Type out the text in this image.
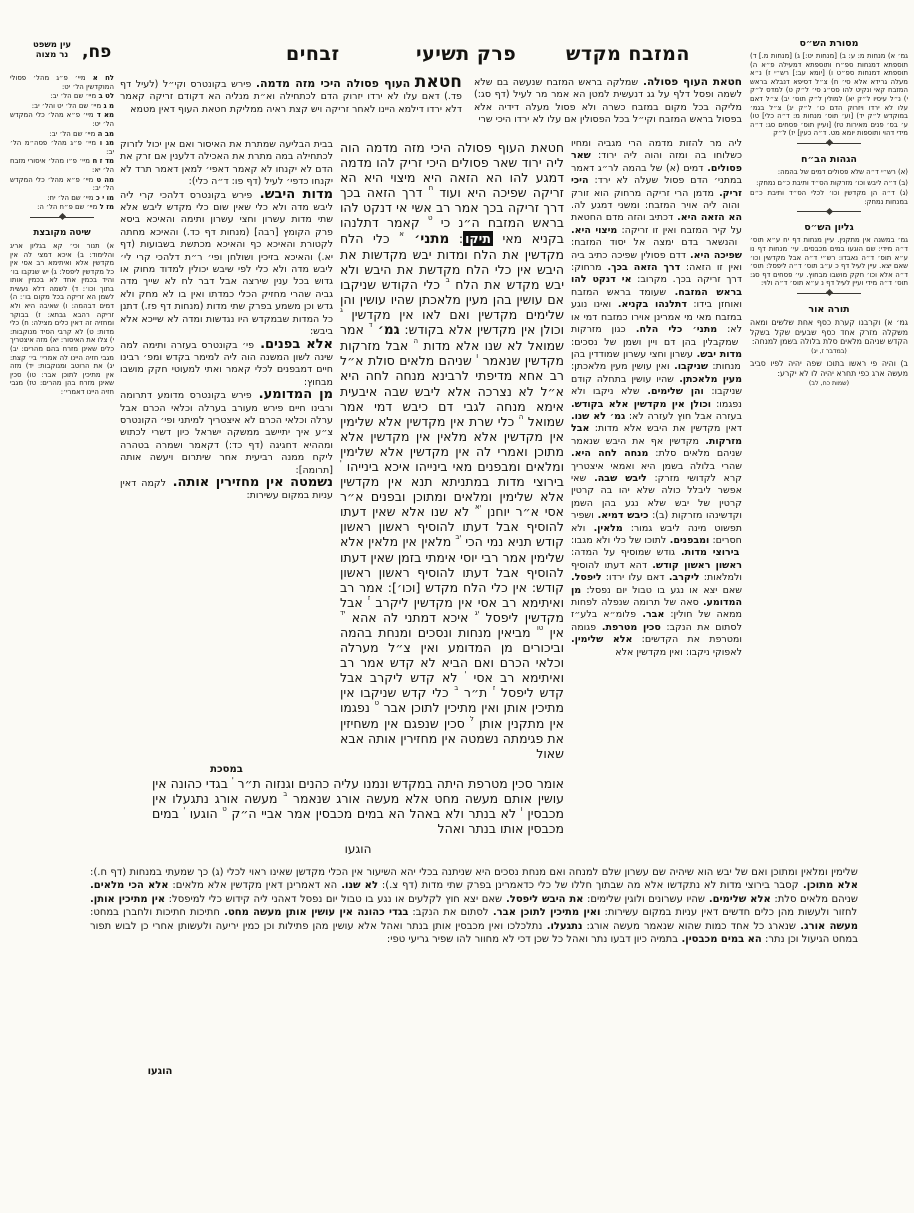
עין משפט
נר מצוה פח,	זבחים	פרק תשיעי	המזבח מקדש	מסורת הש״ס
גמ׳ א) מנחות מ: ע: ב) [מנחות יט:] ג) [מנחות מ.] ד) תוספתא דמנחות ספ״ח ותוספתא דמעילה פ״א ה) תוספתא דמנחות ספ״ט ו) [יומא עב:] רש״י ז) נ״א מעלה גרידא אלא סי׳ ח) צ״ל דסיפא דנבלא בראש המזבח קאי ונקיט להו סס״ג סי׳ ל״ק ט) למדס ל״ק י) נ״ל עיסיו ל״ק יא) למולין ל״ק תוס׳ יב) צ״ל דאם עלו לא ירדו ויזרוק הדם כו׳ ל״ק יג) צ״ל בגמ׳ במוקדש ל״ק יד) [וע׳ תוס׳ מנחות מ: ד״ה כלי] טו) ע׳ בס׳ פנים מאירות טז) [ועיין תוס׳ פסחים סג: ד״ה מידי דהוי ותוספות יומא מט. ד״ה כעין] יז) ל״ק
הגהות הב״ח
(א) רש״י ד״ה שלא פסולים דמים של בהמה:
(ב) ד״ה ליבש וכו׳ מזרקות הס״ד ותיבת כ״ם נמחק:
(ג) ד״ה הן מקדשין וכו׳ לכלי הס״ד ותיבת כ״ם במנחות נמחק:
גליון הש״ס
גמ׳ במשנה אין מתקנין. עיין מנחות דף יח ע״א תוס׳ ד״ה מידי: שם הוגעו במים מכבסים. עי׳ מנחות דף נו ע״א תוס׳ ד״ה נאבדו: רש״י ד״ה אבל מקדשין וכו׳ שאם יצא. עיין לעיל דף כ ע״ב תוס׳ ד״ה ליפסל: תוס׳ ד״ה אלא וכו׳ חקק מושבו מבחוץ. עי׳ פסחים דף סג: תוס׳ ד״ה מידי ועיין לעיל דף נ ע״א תוס׳ ד״ה ולוי:
תורה אור
גמ׳ א) וקרבנו קערת כסף אחת שלשים ומאה משקלה מזרק אחד כסף שבעים שקל בשקל הקדש שניהם מלאים סלת בלולה בשמן למנחה:
(במדבר ז, יג)
ב) והיה פי ראשו בתוכו שפה יהיה לפיו סביב מעשה ארג כפי תחרא יהיה לו לא יקרע:
(שמות כח, לב)
לח אמיי׳ פ״ג מהל׳ פסולי המוקדשין הל׳ יט:
לט במיי׳ שם הל׳ יב:
מ גמיי׳ שם הל׳ יט והל׳ יב:
מא דמיי׳ פ״א מהל׳ כלי המקדש הל׳ יט:
מב המיי׳ שם הל׳ יב:
מג ומיי׳ פ״ג מהל׳ פסה״מ הל׳ יב:
מד ז חמיי׳ פ״ו מהל׳ איסורי מזבח הל׳ יא:
מה טמיי׳ פ״א מהל׳ כלי המקדש הל׳ יב:
מו י כמיי׳ שם הל׳ יח:
מז למיי׳ שם פ״ח הל׳ ה:
שיטה מקובצת
א) תנור וכי׳ קא בגליון אריג והלימוד: ב) איכא דמצי לה אין מקדשין אלא ואיתימא רב אסי אין כל מקדשין ליפסל: ג) יש שנקבו בו׳ והיד בכמין אחד לא בכמין אותו בתוך וכו׳: ד) לשמה דלא נעשית לשמן הא זריקה בכל מקום בו׳: ה) דמים דבהמה: ו) שאיבה היא ולא זריקה רהבא גבתא: ז) בבוקר ומחזיה זה דאין כלים מצילה: ח) כלי מדות: ט) לא קרבי הסיד מנוקבות: י) צלו את האיסור: יא) מזה איצטריך כלים שאינן מזרח בהם מהרים: יב) מגבי חזיה היינו לה אמרי׳ בי׳ קצת: יג) את הרוטב ומנוקבות: יד) מזה אין מתיכין לתוכן אבר: טו) סכין שאינן מזרח בהן מהרים: טז) מגבי חזיה היינו דאמרי׳:
חטאת העוף פסולה היכי מזה מדמה. פירש בקונטרס וקי״ל (לעיל דף פד.) דאם עלו לא ירדו יזרוק הדם לכתחילה וא״ת מנליה הא דקודם זריקה קאמר דלא ירדו דילמא היינו לאחר זריקה ויש קצת ראיה ממליקת חטאת העוף דאין מטמא
בבית הבליעה שמתרת את האיסור ואם אין יכול לזרוק לכתחילה במה מתרת את האכילה דלענין אם זרק את הדם לא יקנחו לא קאמר דאפי׳ למאן דאמר תרד לא יקנחו כדפי׳ לעיל (דף פו: ד״ה כלי):
מדות היבש.פירש בקונטרס דלהכי קרי ליה ליבש מדה ולא כלי שאין שום כלי מקדש ליבש אלא שתי מדות עשרון וחצי עשרון ותימה והאיכא ביסא פרק הקומץ [רבה] (מנחות דף כד.) והאיכא מחתה לקטורת והאיכא כף והאיכא מכתשת בשבועות (דף יא.) והאיכא בזיכין ושולחן ופי׳ ר״ת דלהכי קרי לי׳ ליבש מדה ולא כלי לפי שיבש יכולין למדוד מחוק או גדוש בכל ענין שירצה אבל דבר לח לא שייך מדה גביה שהרי מחזיק הכלי כמדתו ואין בו לא מחק ולא גדש וכן משמע בפרק שתי מדות (מנחות דף פז.) דתנן כל המדות שבמקדש היו נגדשות ומדה לא שייכא אלא ביבש:
אלא בפנים.פי׳ בקונטרס בעזרה ותימה למה שינה לשון המשנה הוה ליה למימר בקדש ומפ׳ רבינו חיים דמבפנים לכלי קאמר ואתי למעוטי חקק מושבו מבחוץ:
מן המדומע.פירש בקונטרס מדומע דתרומה ורבינו חיים פירש מעורב בערלה וכלאי הכרם אבל ערלה וכלאי הכרם לא איצטריך למיתני ופי׳ הקונטרס צ״ע איך יתיישב ממשקה ישראל כיון דשרי לכתוש ומההיא דחגיגה (דף כד:) דקאמר ושמרה בטהרה ליקח ממנה רביעית אחר שיתרום ויעשה אותה [תרומה]:
נשמטה אין מחזירין אותה.לקמה דאין עניות במקום עשירות:
במסכת
חטאת העוף פסולה.שמלקה בראש המזבח שנעשה בם שלא לשמה ופסל דלף על גג דנעשית למטן הא אמר מר לעיל (דף סג:) מליקה בכל מקום במזבח כשרה ולא פסול מעלה דידיה אלא בפסול בראש המזבח וקי״ל בכל הפסולין אם עלו לא ירדו היכי שרי
ליה מר להזות מדמה הרי מגביה ומחיו כשלוחו בה ומזה והוה ליה ירוד: שאר פסולים.דמים (א) של בהמה לר״ג דאמר במתני׳ הדם פסול שעלה לא ירד: היכי זריק.מדמן הרי זריקה מרחוק הוא זורק והוה ליה אויר המזבח: ומשני דמגע לה. הא הזאה היא.דכתיב והזה מדם החטאת על קיר המזבח ואין זו זריקה: מיצוי היא.והנשאר בדם ימצה אל יסוד המזבח: שפיכה היא.דדם פסולין שפיכה כתיב ביה ואין זו הזאה: דרך הזאה בכך.מרחוק: דרך זריקה בכך. מקרוב: אי דנקט להו בראש המזבח.שעומד בראש המזבח ואוחזן בידו: דתלנהו בקניא.ואינו נוגע במזבח מאי מי אמרינן אוירו כמזבח דמי או לא: מתני׳ כלי הלח.כגון מזרקות שמקבלין בהן דם ויין ושמן של נסכים: מדות יבש.עשרון וחצי עשרון שמודדין בהן מנחות: שניקבו.ואין עושין מעין מלאכתן: מעין מלאכתן.שהיו עושין בתחלה קודם שניקבו: והן שלימים.שלא ניקבו ולא נפגמו: וכולן אין מקדשין אלא בקודש.בעזרה אבל חוץ לעזרה לא: גמ׳ לא שנו.דאין מקדשין את היבש אלא מדות: אבל מזרקות.מקדשין אף את היבש שנאמר שניהם מלאים סלת: מנחה לחה היא.שהרי בלולה בשמן היא ואמאי איצטריך קרא לקדושי מזרק: ליבש שבה.שאי אפשר ליבלל כולה שלא יהו בה קרטין קרטין של יבש שלא נגע בהן השמן וקדשינהו מזרקות (ב): כיבש דמיא.ושפיר תפשוט מינה ליבש גמור: מלאין.ולא חסרים: ומבפנים.לתוכו של כלי ולא מגבו: בירוצי מדות.גודש שמוסיף על המדה: ראשון ראשון קודש.דהא דעתו להוסיף ולמלאות: ליקרב.דאם עלו ירדו: ליפסל.שאם יצא או נגע בו טבול יום נפסל: מן המדומע.סאה של תרומה שנפלה לפחות ממאה של חולין: אבר.פלומ״א בלע״ז לסתום את הנקב: סכין מטרפת.פגומה ומטרפת את הקדשים: אלא שלימין.לאפוקי ניקבו: ואין מקדשין אלא
חטאת העוף פסולה היכי מזה מדמה הוה ליה ירוד שאר פסולים היכי זריק להו מדמה דמגע להו הא הזאה היא מיצוי היא הא זריקה שפיכה היא ועוד $^ח$ דרך הזאה בכך דרך זריקה בכך אמר רב אשי אי דנקט להו בראש המזבח ה״נ כי $^ט$ קאמר דתלנהו בקניא מאי תיקו: מתני׳ $^א$ כלי הלח מקדשין את הלח ומדות יבש מקדשות את היבש אין כלי הלח מקדשת את היבש ולא יבש מקדש את הלח $^ב$ כלי הקודש שניקבו אם עושין בהן מעין מלאכתן שהיו עושין והן שלימים מקדשין ואם לאו אין מקדשין $^ג$ וכולן אין מקדשין אלא בקודש: גמ׳ $^ד$ אמר שמואל לא שנו אלא מדות $^ה$ אבל מזרקות מקדשין שנאמר $^ו$ שניהם מלאים סולת א״ל רב אחא מדיפתי לרבינא מנחה לחה היא א״ל לא נצרכה אלא ליבש שבה איבעית אימא מנחה לגבי דם כיבש דמי אמר שמואל $^ה$ כלי שרת אין מקדשין אלא שלימין אין מקדשין אלא מלאין אין מקדשין אלא מתוכן ואמרי לה אין מקדשין אלא שלימין ומלאים ומבפנים מאי בינייהו איכא בינייהו $^י$ בירוצי מדות במתניתא תנא אין מקדשין אלא שלימין ומלאים ומתוכן ובפנים א״ר אסי א״ר יוחנן $^{יא}$ לא שנו אלא שאין דעתו להוסיף אבל דעתו להוסיף ראשון ראשון קודש תניא נמי הכי $^{יב}$ מלאין אין מלאין אלא שלימין אמר רבי יוסי אימתי בזמן שאין דעתו להוסיף אבל דעתו להוסיף ראשון ראשון קודש: אין כלי הלח מקדש [וכו׳]: אמר רב ואיתימא רב אסי אין מקדשין ליקרב $^ז$ אבל מקדשין ליפסל $^{יג}$ איכא דמתני לה אהא $^{יד}$ אין $^{טו}$ מביאין מנחות ונסכים ומנחת בהמה וביכורים מן המדומע ואין צ״ל מערלה וכלאי הכרם ואם הביא לא קדש אמר רב ואיתימא רב אסי $^י$ לא קדש ליקרב אבל קדש ליפסל $^ז$ ת״ר $^ב$ כלי קדש שניקבו אין מתיכין אותן ואין מתיכין לתוכן אבר $^ט$ נפגמו אין מתקנין אותן $^ל$ סכין שנפגם אין משחיזין את פגימתה נשמטה אין מחזירין אותה אבא שאול
אומר סכין מטרפת היתה במקדש ונמנו עליה כהנים וגנזוה ת״ר $^י$ בגדי כהונה אין עושין אותם מעשה מחט אלא מעשה אורג שנאמר $^ב$ מעשה אורג נתגעלו אין מכבסין $^ו$ לא בנתר ולא באהל הא במים מכבסין אמר אביי ה״ק $^ט$ הוגעו $^י$ במים מכבסין אותו בנתר ואהל
הוגעו
שלימין ומלאין ומתוכן ואם של יבש הוא שיהיה שם עשרון שלם למנחה ואם מנחת נסכים היא שניתנה בכלי יהא השיעור אין הכלי מקדשן שאינו ראוי לכלי (ג) כך שמעתי במנחות (דף ח.): אלא מתוכן.קסבר בירוצי מדות לא נתקדשו אלא מה שבתוך חללו של כלי כדאמרינן בפרק שתי מדות (דף צ.): לא שנו.הא דאמרינן דאין מקדשין אלא מלאים: אלא הכי מלאים.שניהם מלאים סלת: אלא שלימים.שהיו עשרונים ולוגין שלימים: את היבש ליפסל.שאם יצא חוץ לקלעים או נגע בו טבול יום נפסל דאהני ליה קידוש כלי למיפסל: אין מתיכין אותן.לחזור ולעשות מהן כלים חדשים דאין עניות במקום עשירות: ואין מתיכין לתוכן אבר.לסתום את הנקב: בגדי כהונה אין עושין אותן מעשה מחט.חתיכות חתיכות ולחברן במחט: מעשה אורג.שנארג כל אחד כמות שהוא שנאמר מעשה אורג: נתגעלו.נתלכלכו ואין מכבסין אותן בנתר ואהל אלא עושין מהן פתילות וכן כמין יריעה ולעשותן אחרי כן לבוש תפור במחט הגיעול וכן נתר: הא במים מכבסין.בתמיה כיון דבעו נתר ואהל כל שכן דכי לא מחוור להו שפיר גריעי טפי:
הוגעו
